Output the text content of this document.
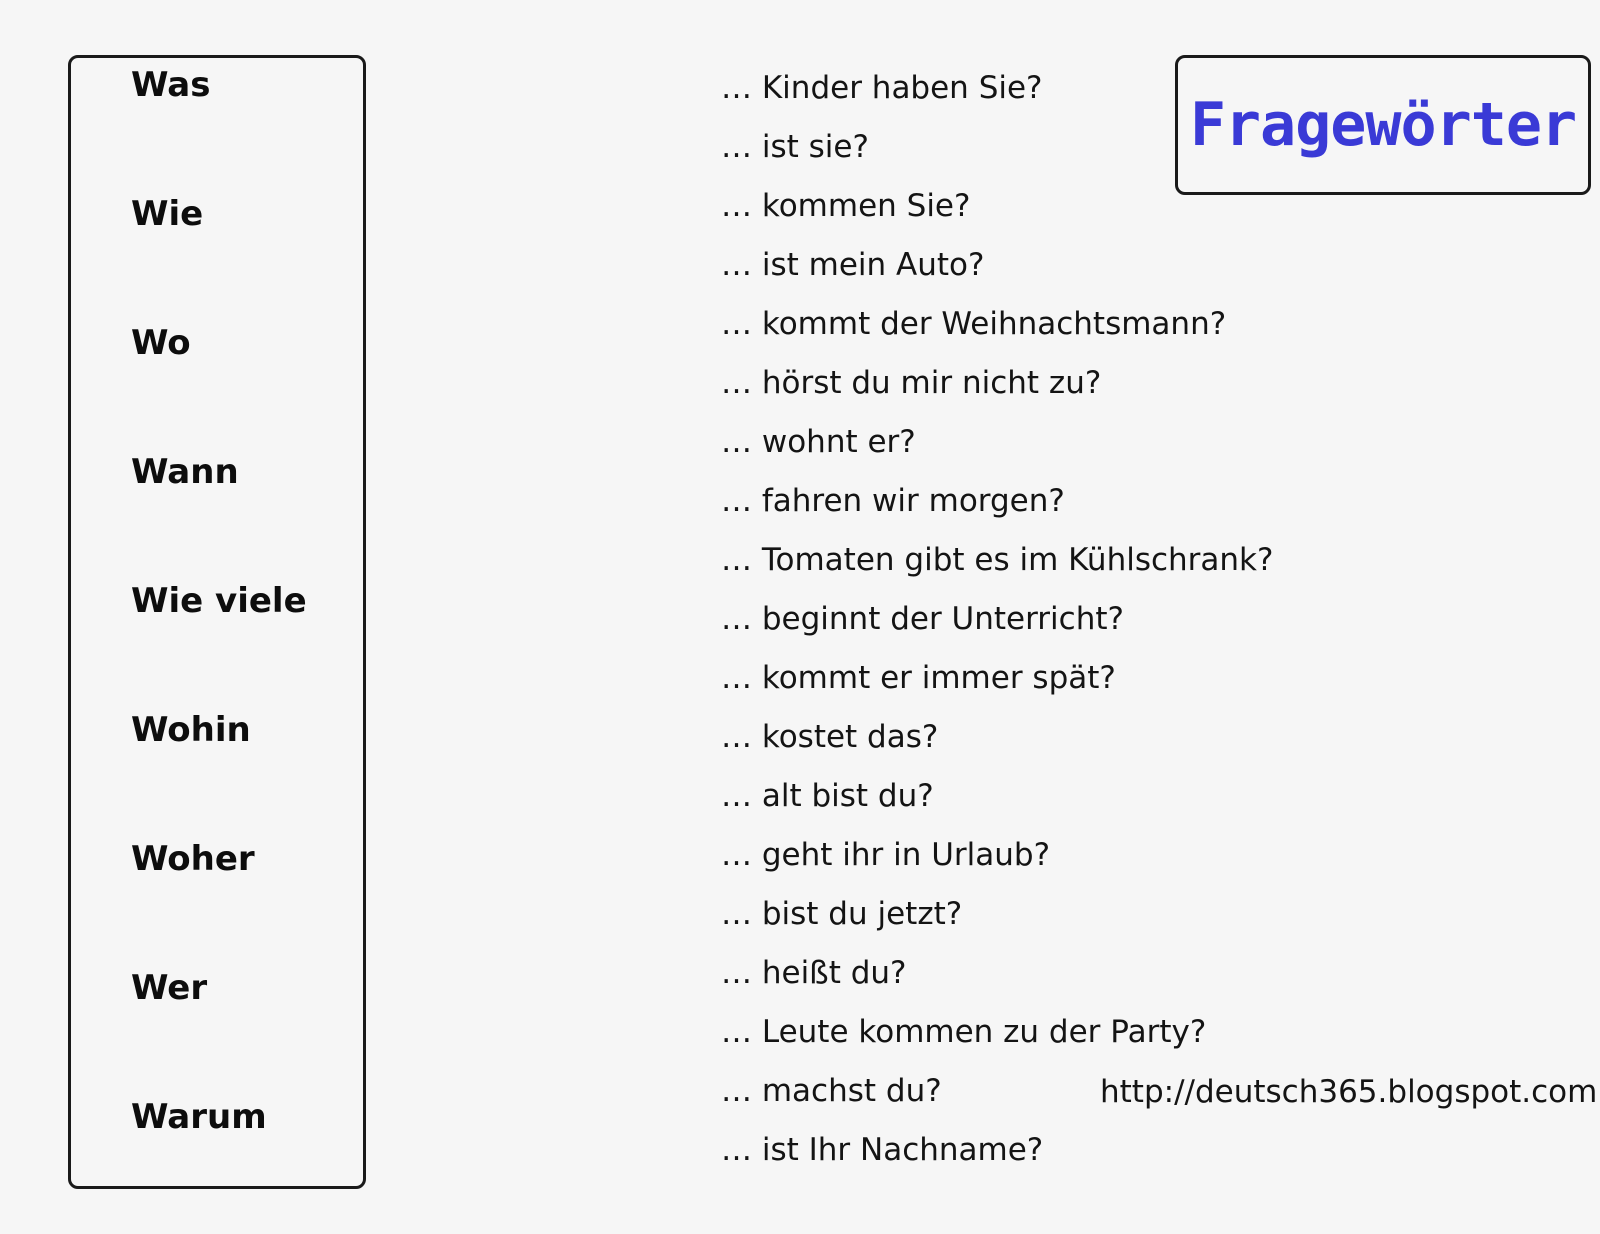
Was
Wie
Wo
Wann
Wie viele
Wohin
Woher
Wer
Warum
Fragewörter
… Kinder haben Sie?
… ist sie?
… kommen Sie?
… ist mein Auto?
… kommt der Weihnachtsmann?
… hörst du mir nicht zu?
… wohnt er?
… fahren wir morgen?
… Tomaten gibt es im Kühlschrank?
… beginnt der Unterricht?
… kommt er immer spät?
… kostet das?
… alt bist du?
… geht ihr in Urlaub?
… bist du jetzt?
… heißt du?
… Leute kommen zu der Party?
… machst du?
… ist Ihr Nachname?
http://deutsch365.blogspot.com
